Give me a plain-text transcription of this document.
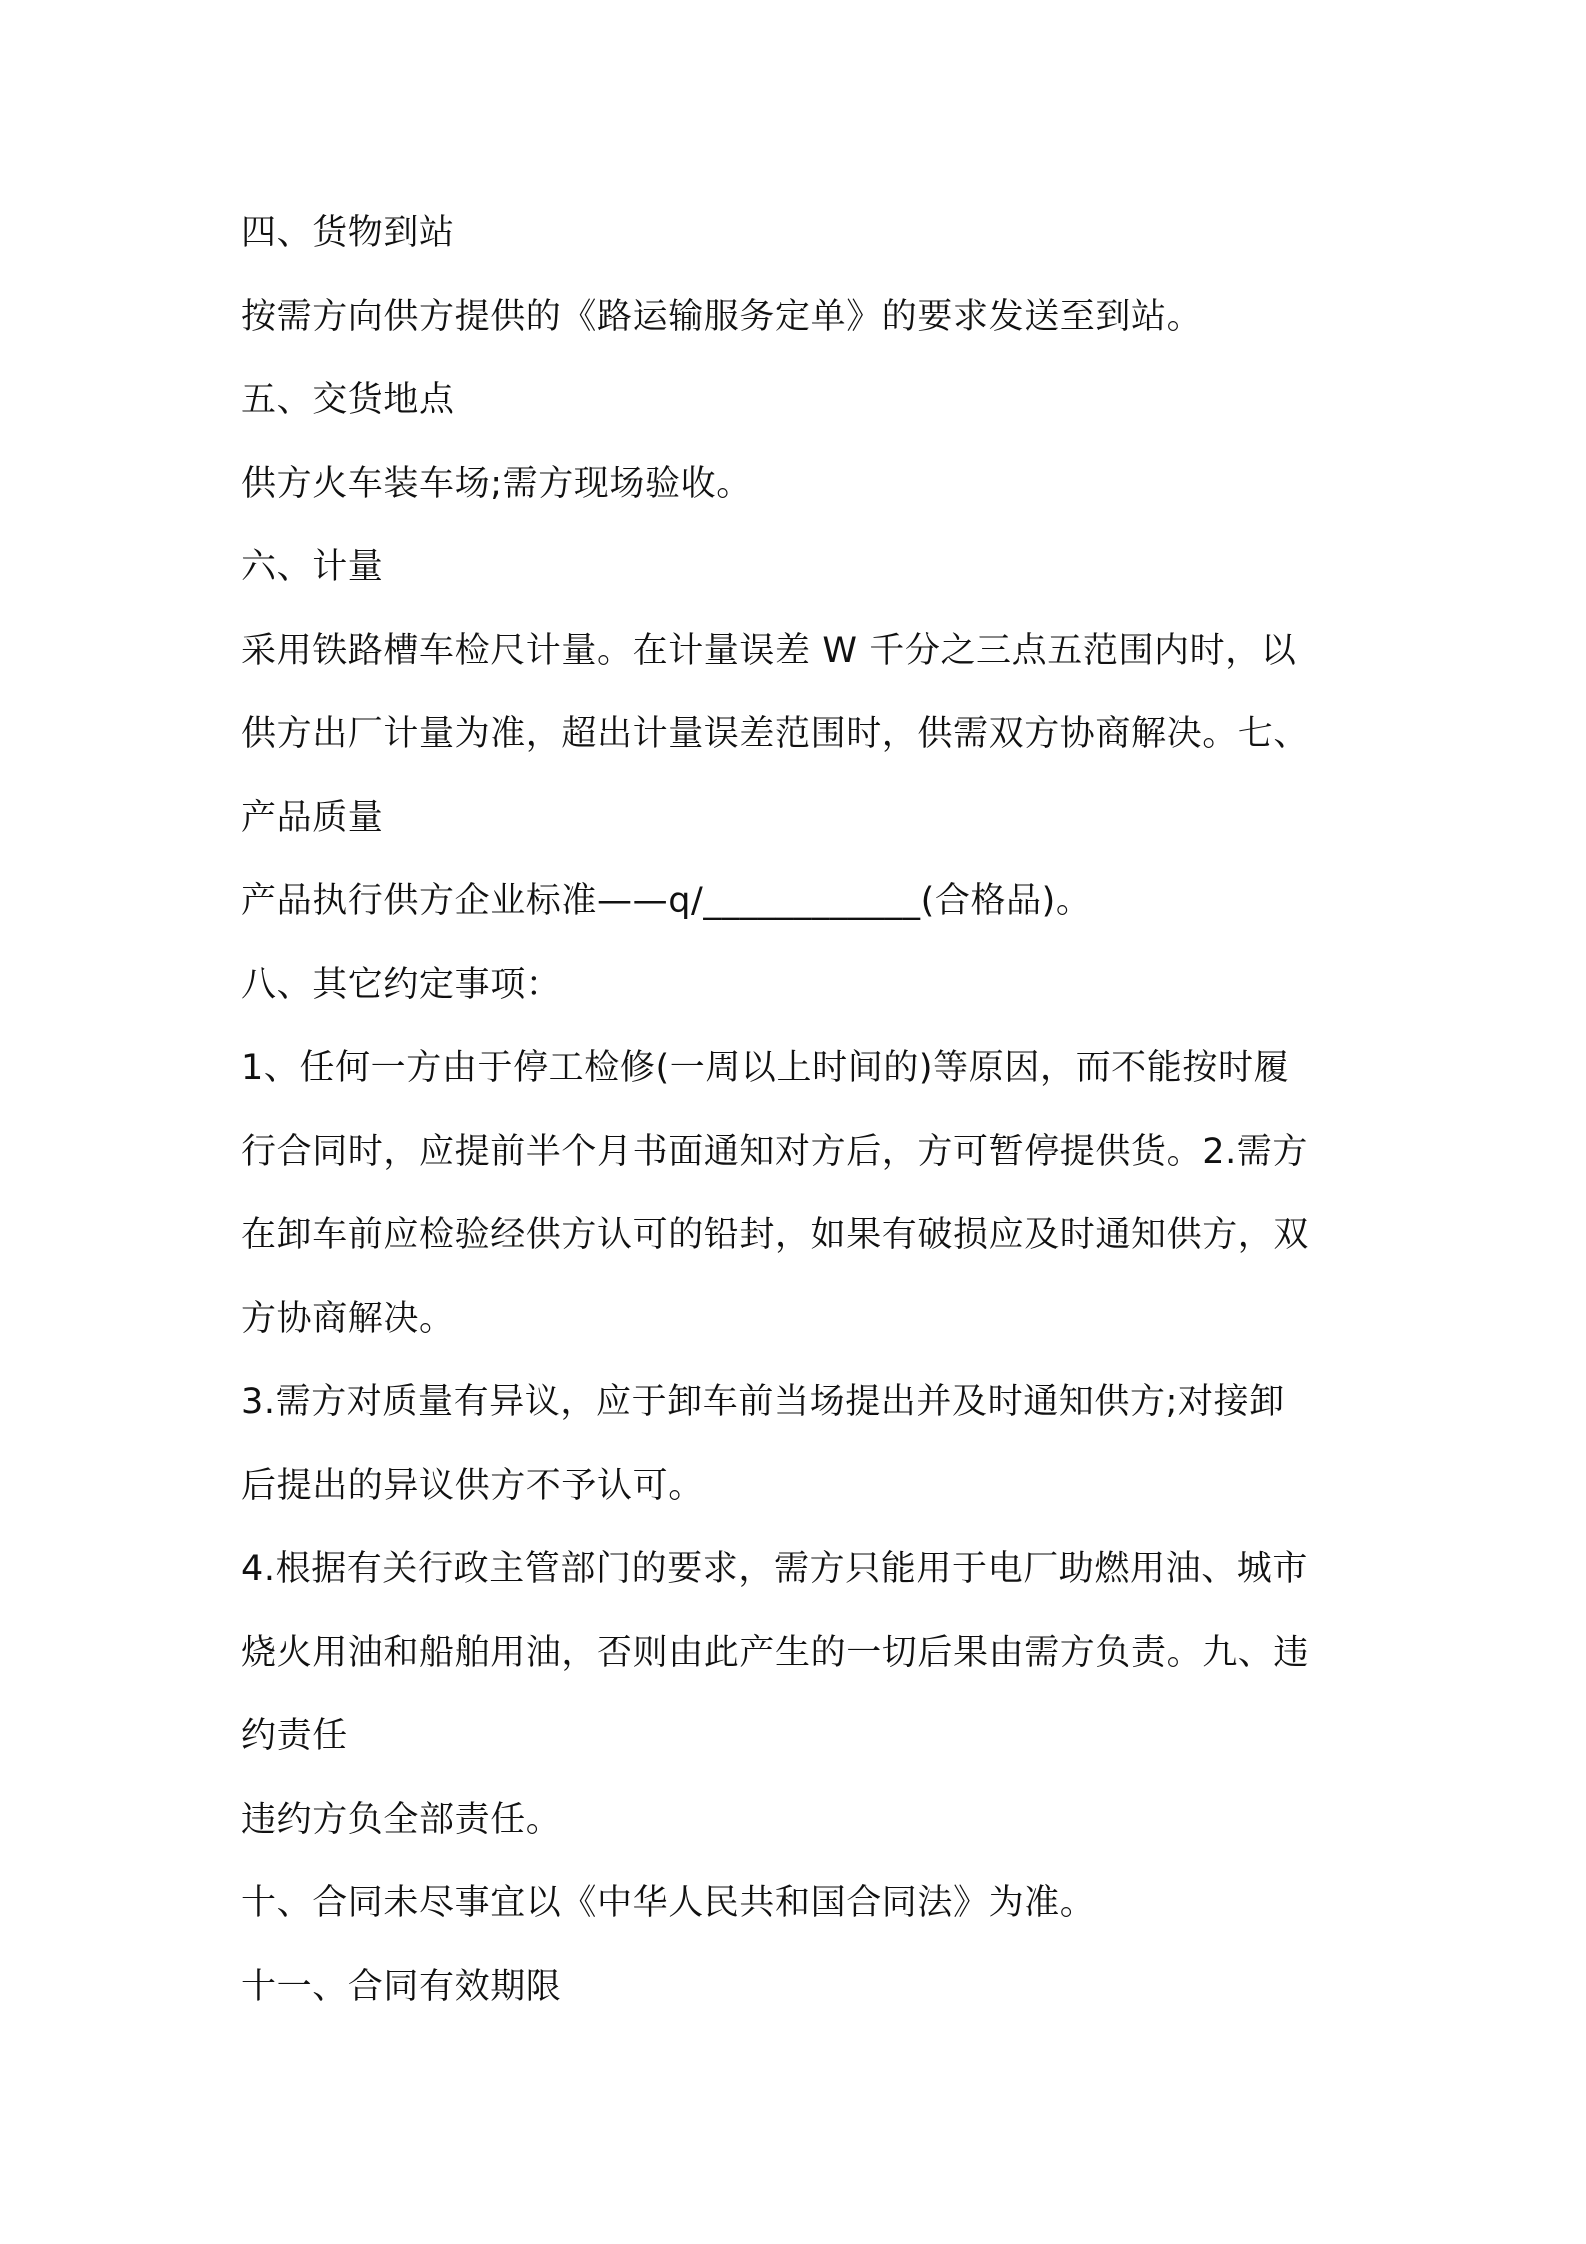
四、货物到站
按需方向供方提供的《路运输服务定单》的要求发送至到站。
五、交货地点
供方火车装车场;需方现场验收。
六、计量
采用铁路槽车检尺计量。在计量误差 W 千分之三点五范围内时，以
供方出厂计量为准，超出计量误差范围时，供需双方协商解决。七、
产品质量
产品执行供方企业标准——q/____________(合格品)。
八、其它约定事项：
1、任何一方由于停工检修(一周以上时间的)等原因，而不能按时履
行合同时，应提前半个月书面通知对方后，方可暂停提供货。2.需方
在卸车前应检验经供方认可的铅封，如果有破损应及时通知供方，双
方协商解决。
3.需方对质量有异议，应于卸车前当场提出并及时通知供方;对接卸
后提出的异议供方不予认可。
4.根据有关行政主管部门的要求，需方只能用于电厂助燃用油、城市
烧火用油和船舶用油，否则由此产生的一切后果由需方负责。九、违
约责任
违约方负全部责任。
十、合同未尽事宜以《中华人民共和国合同法》为准。
十一、合同有效期限
